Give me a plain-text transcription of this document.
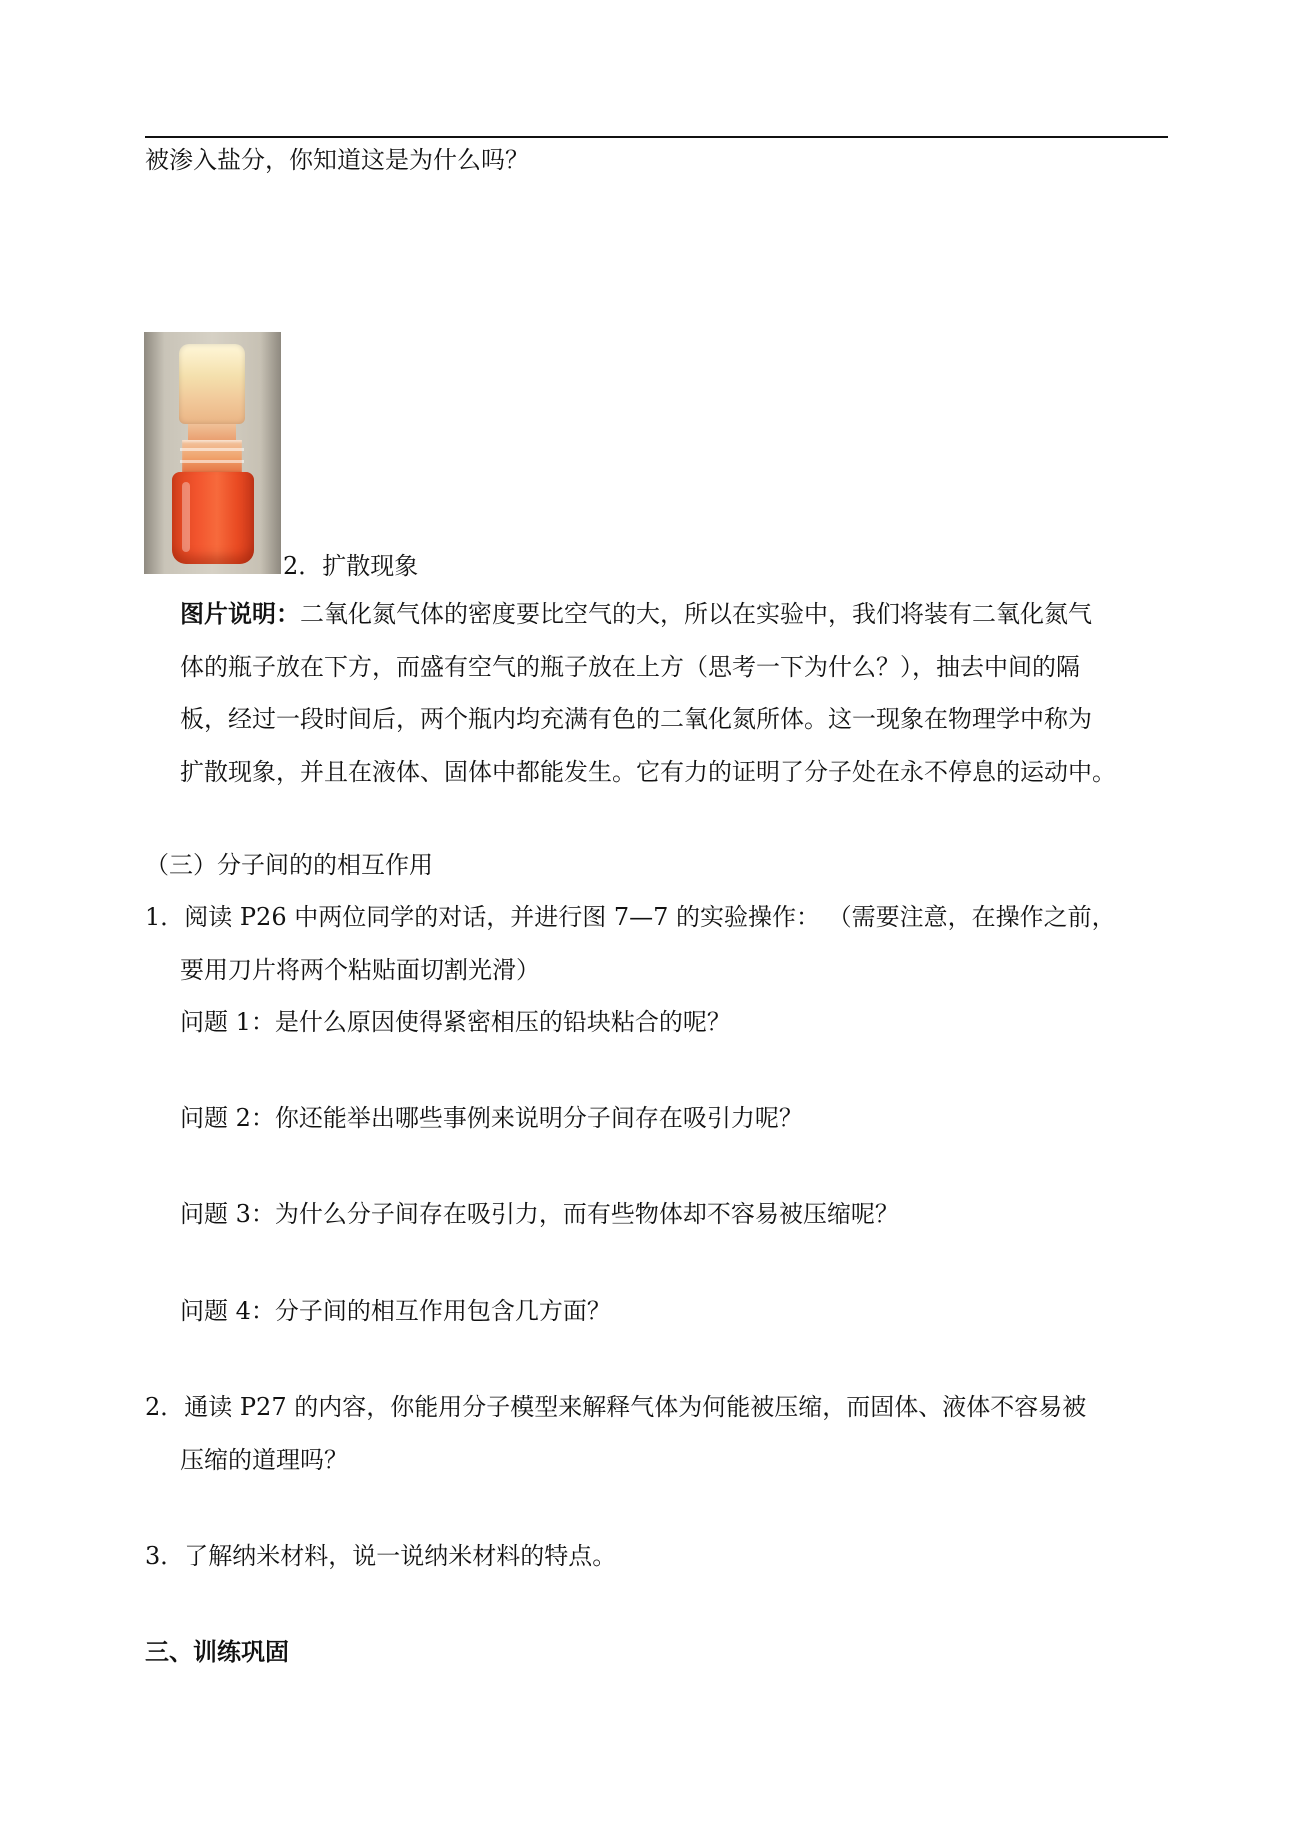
被渗入盐分，你知道这是为什么吗？
2．扩散现象
图片说明：二氧化氮气体的密度要比空气的大，所以在实验中，我们将装有二氧化氮气
体的瓶子放在下方，而盛有空气的瓶子放在上方（思考一下为什么？），抽去中间的隔
板，经过一段时间后，两个瓶内均充满有色的二氧化氮所体。这一现象在物理学中称为
扩散现象，并且在液体、固体中都能发生。它有力的证明了分子处在永不停息的运动中。
（三）分子间的的相互作用
1．阅读 P26 中两位同学的对话，并进行图 7—7 的实验操作： （需要注意，在操作之前，
要用刀片将两个粘贴面切割光滑）
问题 1：是什么原因使得紧密相压的铅块粘合的呢？
问题 2：你还能举出哪些事例来说明分子间存在吸引力呢？
问题 3：为什么分子间存在吸引力，而有些物体却不容易被压缩呢？
问题 4：分子间的相互作用包含几方面？
2．通读 P27 的内容，你能用分子模型来解释气体为何能被压缩，而固体、液体不容易被
压缩的道理吗？
3．了解纳米材料，说一说纳米材料的特点。
三、训练巩固
